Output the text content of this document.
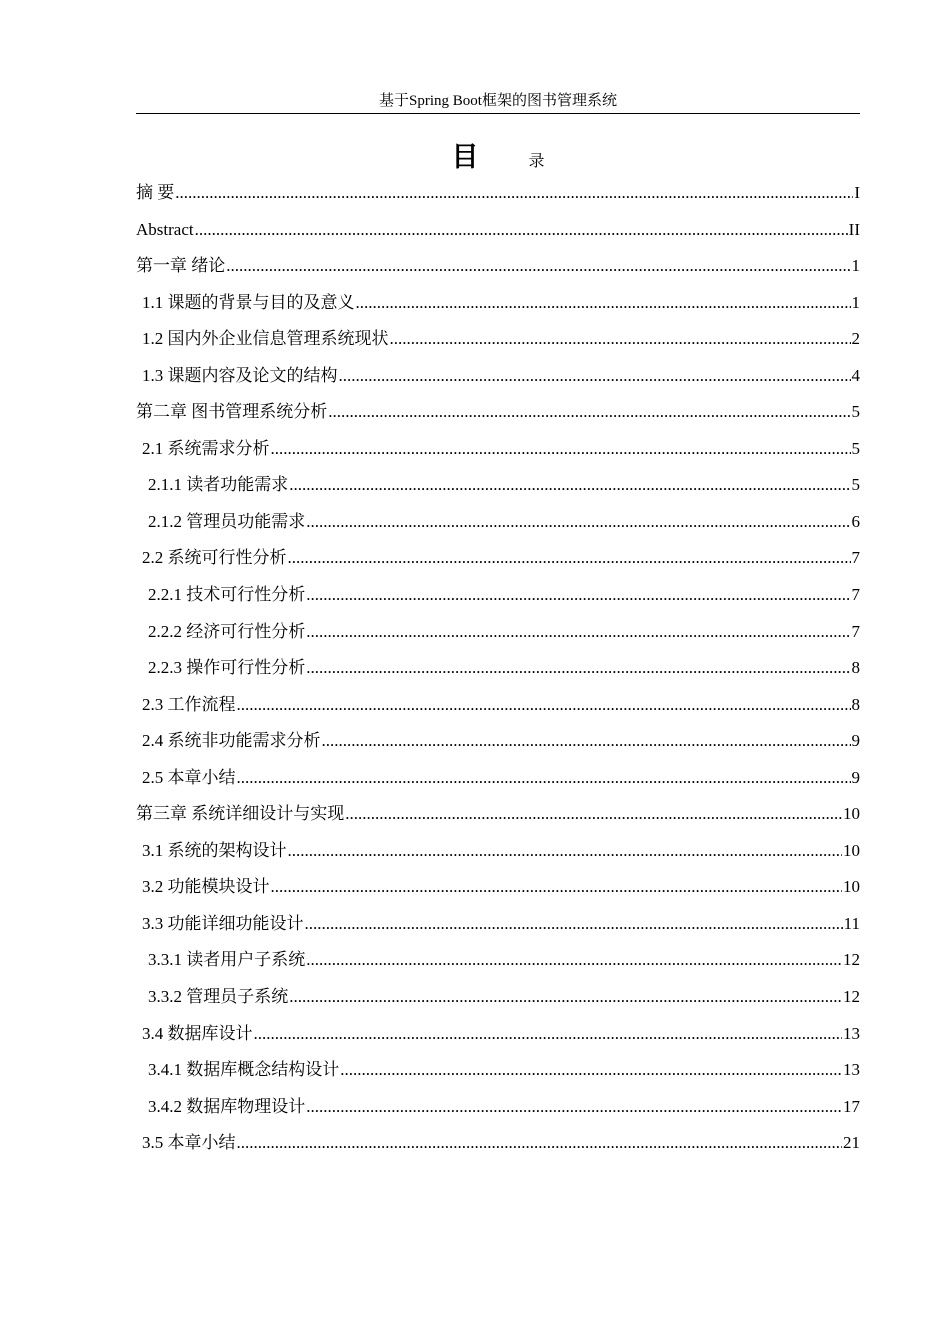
基于Spring Boot框架的图书管理系统
目	录
摘 要 .....	I
Abstract .....	II
第一章 绪论 .....	1
1.1 课题的背景与目的及意义 .....	1
1.2 国内外企业信息管理系统现状 .....	2
1.3 课题内容及论文的结构 .....	4
第二章 图书管理系统分析 .....	5
2.1 系统需求分析 .....	5
2.1.1 读者功能需求 .....	5
2.1.2 管理员功能需求 .....	6
2.2 系统可行性分析 .....	7
2.2.1 技术可行性分析 .....	7
2.2.2 经济可行性分析 .....	7
2.2.3 操作可行性分析 .....	8
2.3 工作流程 .....	8
2.4 系统非功能需求分析 .....	9
2.5 本章小结 .....	9
第三章 系统详细设计与实现 .....	10
3.1 系统的架构设计 .....	10
3.2 功能模块设计 .....	10
3.3 功能详细功能设计 .....	11
3.3.1 读者用户子系统 .....	12
3.3.2 管理员子系统 .....	12
3.4 数据库设计 .....	13
3.4.1 数据库概念结构设计 .....	13
3.4.2 数据库物理设计 .....	17
3.5 本章小结 .....	21
